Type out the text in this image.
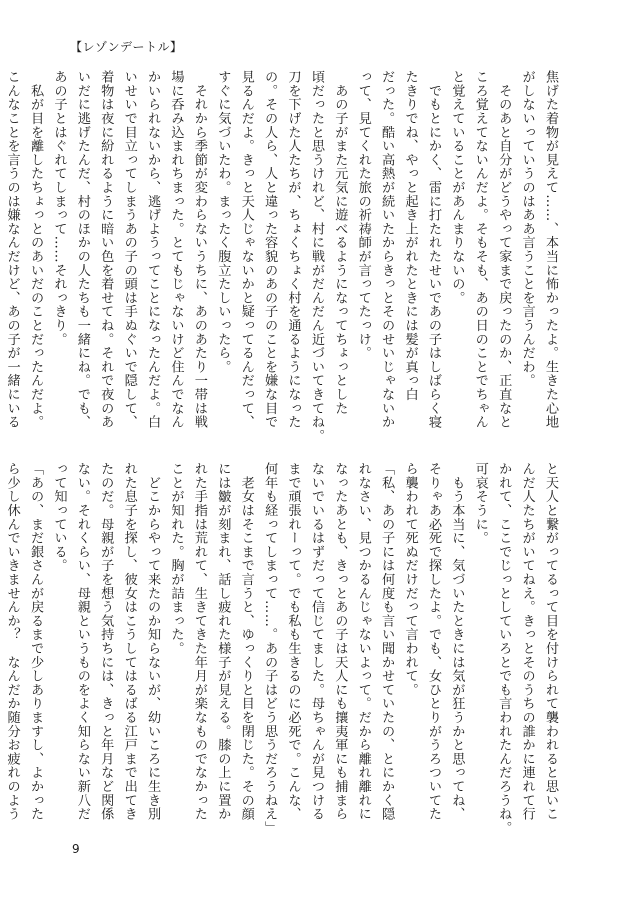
【レゾンデートル】
焦げた着物が見えて……、本当に怖かったよ。生きた心地
がしないっていうのはああ言うことを言うんだわ。
　そのあと自分がどうやって家まで戻ったのか、正直なと
ころ覚えてないんだよ。そもそも、あの日のことでちゃん
と覚えていることがあんまりないの。
　でもとにかく、雷に打たれたせいであの子はしばらく寝
たきりでね、やっと起き上がれたときには髪が真っ白
だった。酷い高熱が続いたからきっとそのせいじゃないか
って、見てくれた旅の祈祷師が言ってたっけ。
　あの子がまた元気に遊べるようになってちょっとした
頃だったと思うけれど、村に戦がだんだん近づいてきてね。
刀を下げた人たちが、ちょくちょく村を通るようになった
の。その人ら、人と違った容貌のあの子のことを嫌な目で
見るんだよ。きっと天人じゃないかと疑ってるんだって、
すぐに気づいたわ。まったく腹立たしいったら。
　それから季節が変わらないうちに、あのあたり一帯は戦
場に呑み込まれちまった。とてもじゃないけど住んでなん
かいられないから、逃げようってことになったんだよ。白
いせいで目立ってしまうあの子の頭は手ぬぐいで隠して、
着物は夜に紛れるように暗い色を着せてね。それで夜のあ
いだに逃げたんだ、村のほかの人たちも一緒にね。でも、
あの子とはぐれてしまって……それっきり。
　私が目を離したちょっとのあいだのことだったんだよ。
こんなことを言うのは嫌なんだけど、あの子が一緒にいる
と天人と繋がってるって目を付けられて襲われると思いこ
んだ人たちがいてねえ。きっとそのうちの誰かに連れて行
かれて、ここでじっとしていろとでも言われたんだろうね。
可哀そうに。
　もう本当に、気づいたときには気が狂うかと思ってね、
そりゃあ必死で探したよ。でも、女ひとりがうろついてた
ら襲われて死ぬだけだって言われて。
「私、あの子には何度も言い聞かせていたの、とにかく隠
れなさい、見つかるんじゃないよって。だから離れ離れに
なったあとも、きっとあの子は天人にも攘夷軍にも捕まら
ないでいるはずだって信じてました。母ちゃんが見つける
まで頑張れーって。でも私も生きるのに必死で。こんな、
何年も経ってしまって……。あの子はどう思うだろうねえ」
　老女はそこまで言うと、ゆっくりと目を閉じた。その顔
には皺が刻まれ、話し疲れた様子が見える。膝の上に置か
れた手指は荒れて、生きてきた年月が楽なものでなかった
ことが知れた。胸が詰まった。
　どこからやって来たのか知らないが、幼いころに生き別
れた息子を探し、彼女はこうしてはるばる江戸まで出てき
たのだ。母親が子を想う気持ちには、きっと年月など関係
ない。それくらい、母親というものをよく知らない新八だ
って知っている。
「あの、まだ銀さんが戻るまで少しありますし、よかった
ら少し休んでいきませんか？　なんだか随分お疲れのよう
9
